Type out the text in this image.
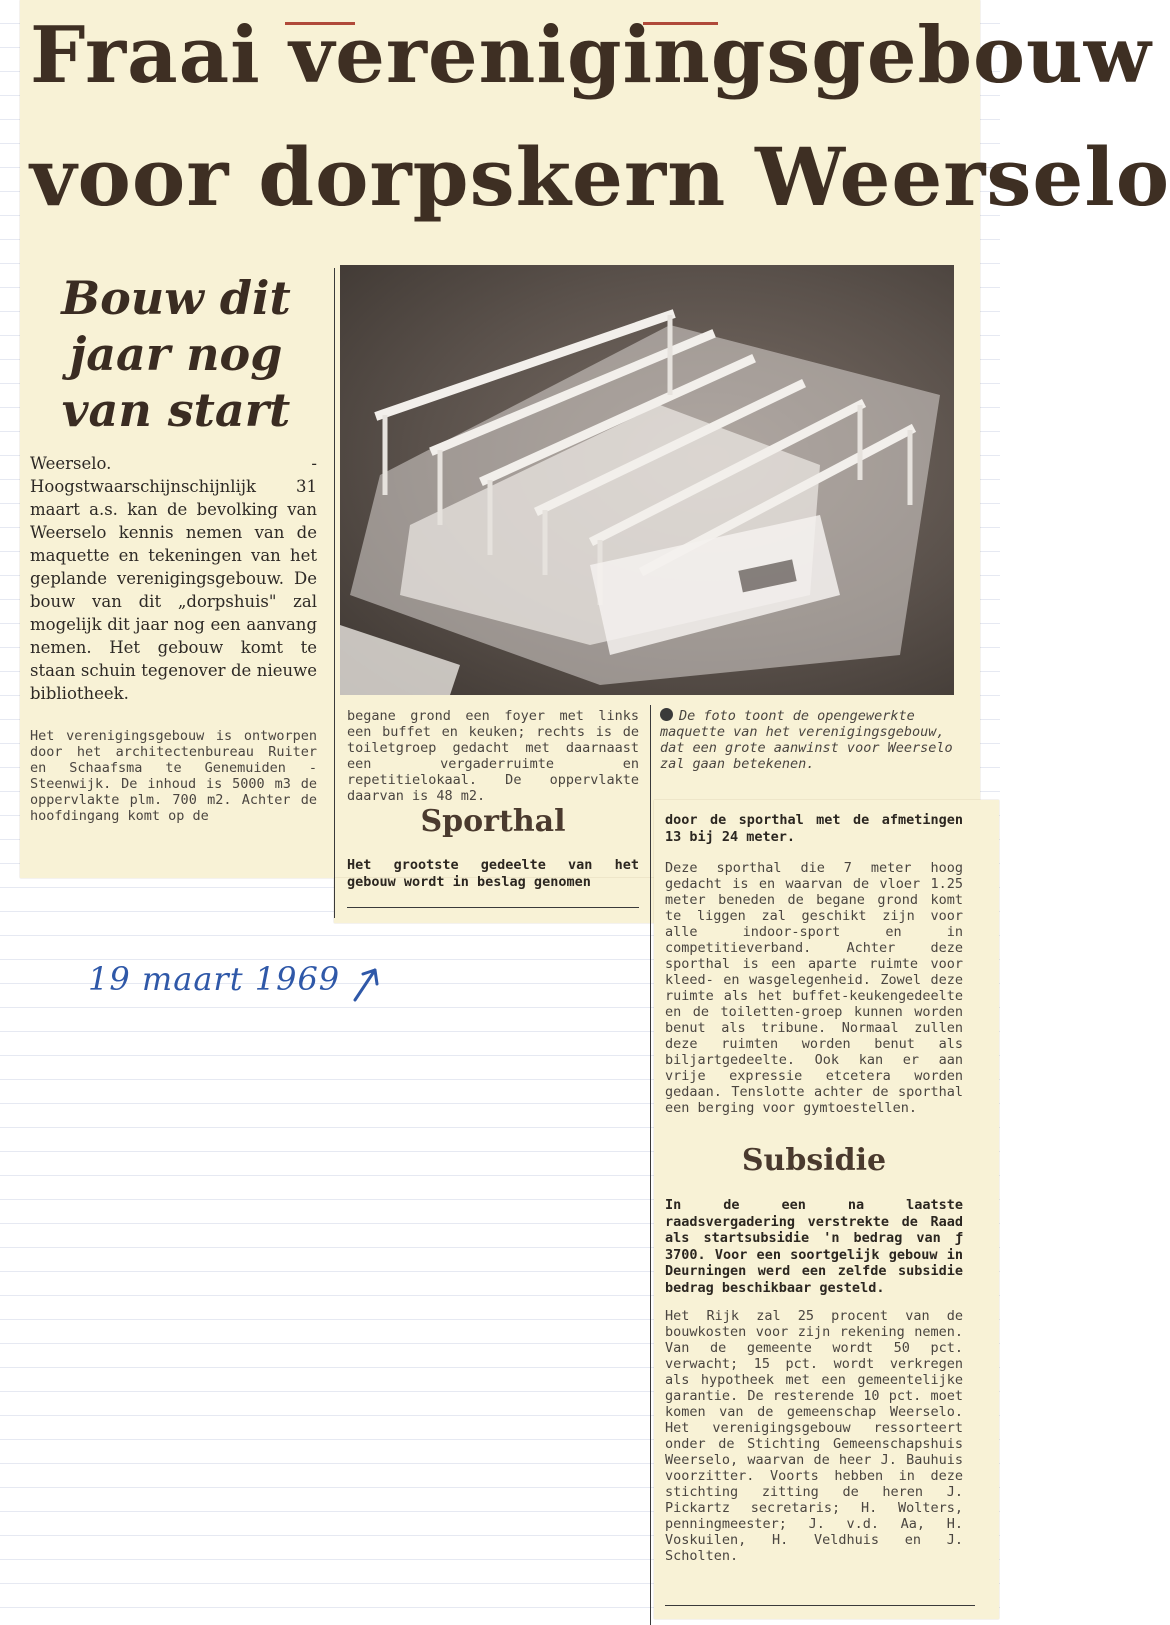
Fraai verenigingsgebouw
voor dorpskern Weerselo
Bouw dit jaar nog van start

Weerselo. - Hoogstwaarschijnschijnlijk 31 maart a.s. kan de bevolking van Weerselo kennis nemen van de maquette en tekeningen van het geplande verenigingsgebouw. De bouw van dit „dorpshuis" zal mogelijk dit jaar nog een aanvang nemen. Het gebouw komt te staan schuin tegenover de nieuwe bibliotheek.

Het verenigingsgebouw is ontworpen door het architectenbureau Ruiter en Schaafsma te Genemuiden - Steenwijk. De inhoud is 5000 m3 de oppervlakte plm. 700 m2. Achter de hoofdingang komt op de

begane grond een foyer met links een buffet en keuken; rechts is de toiletgroep gedacht met daarnaast een vergaderruimte en repetitielokaal. De oppervlakte daarvan is 48 m2.

De foto toont de opengewerkte maquette van het verenigingsgebouw, dat een grote aanwinst voor Weerselo zal gaan betekenen.

Sporthal

Het grootste gedeelte van het gebouw wordt in beslag genomen

door de sporthal met de afmetingen 13 bij 24 meter.

Deze sporthal die 7 meter hoog gedacht is en waarvan de vloer 1.25 meter beneden de begane grond komt te liggen zal geschikt zijn voor alle indoor-sport en in competitieverband. Achter deze sporthal is een aparte ruimte voor kleed- en wasgelegenheid. Zowel deze ruimte als het buffet-keukengedeelte en de toiletten-groep kunnen worden benut als tribune. Normaal zullen deze ruimten worden benut als biljartgedeelte. Ook kan er aan vrije expressie etcetera worden gedaan. Tenslotte achter de sporthal een berging voor gymtoestellen.

Subsidie

In de een na laatste raadsvergadering verstrekte de Raad als startsubsidie 'n bedrag van ƒ 3700. Voor een soortgelijk gebouw in Deurningen werd een zelfde subsidie bedrag beschikbaar gesteld.

Het Rijk zal 25 procent van de bouwkosten voor zijn rekening nemen. Van de gemeente wordt 50 pct. verwacht; 15 pct. wordt verkregen als hypotheek met een gemeentelijke garantie. De resterende 10 pct. moet komen van de gemeenschap Weerselo. Het verenigingsgebouw ressorteert onder de Stichting Gemeenschapshuis Weerselo, waarvan de heer J. Bauhuis voorzitter. Voorts hebben in deze stichting zitting de heren J. Pickartz secretaris; H. Wolters, penningmeester; J. v.d. Aa, H. Voskuilen, H. Veldhuis en J. Scholten.

19 maart 1969
